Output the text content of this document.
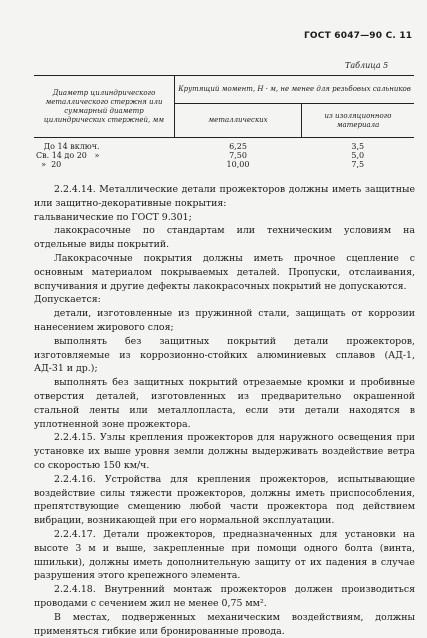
ГОСТ 6047—90 С. 11
Таблица 5
Диаметр цилиндрического металлического стержня или суммарный диаметр цилиндрических стержней, мм	Крутящий момент, Н · м, не менее для резьбовых сальников	
	металлических	из изоляционного материала
До 14 включ.	6,25	3,5
Св. 14 до 20   »	7,50	5,0
»  20	10,00	7,5

2.2.4.14. Металлические детали прожекторов должны иметь защитные или защитно-декоративные покрытия:

гальванические по ГОСТ 9.301;

лакокрасочные по стандартам или техническим условиям на отдельные виды покрытий.

Лакокрасочные покрытия должны иметь прочное сцепление с основным материалом покрываемых деталей. Пропуски, отслаивания, вспучивания и другие дефекты лакокрасочных покрытий не допускаются.

Допускается:

детали, изготовленные из пружинной стали, защищать от коррозии нанесением жирового слоя;

выполнять без защитных покрытий детали прожекторов, изготовляемые из коррозионно-стойких алюминиевых сплавов (АД-1, АД-31 и др.);

выполнять без защитных покрытий отрезаемые кромки и пробивные отверстия деталей, изготовленных из предварительно окрашенной стальной ленты или металлопласта, если эти детали находятся в уплотненной зоне прожектора.

2.2.4.15. Узлы крепления прожекторов для наружного освещения при установке их выше уровня земли должны выдерживать воздействие ветра со скоростью 150 км/ч.

2.2.4.16. Устройства для крепления прожекторов, испытывающие воздействие силы тяжести прожекторов, должны иметь приспособления, препятствующие смещению любой части прожектора под действием вибрации, возникающей при его нормальной эксплуатации.

2.2.4.17. Детали прожекторов, предназначенных для установки на высоте 3 м и выше, закрепленные при помощи одного болта (винта, шпильки), должны иметь дополнительную защиту от их падения в случае разрушения этого крепежного элемента.

2.2.4.18. Внутренний монтаж прожекторов должен производиться проводами с сечением жил не менее 0,75 мм².

В местах, подверженных механическим воздействиям, должны применяться гибкие или бронированные провода.
